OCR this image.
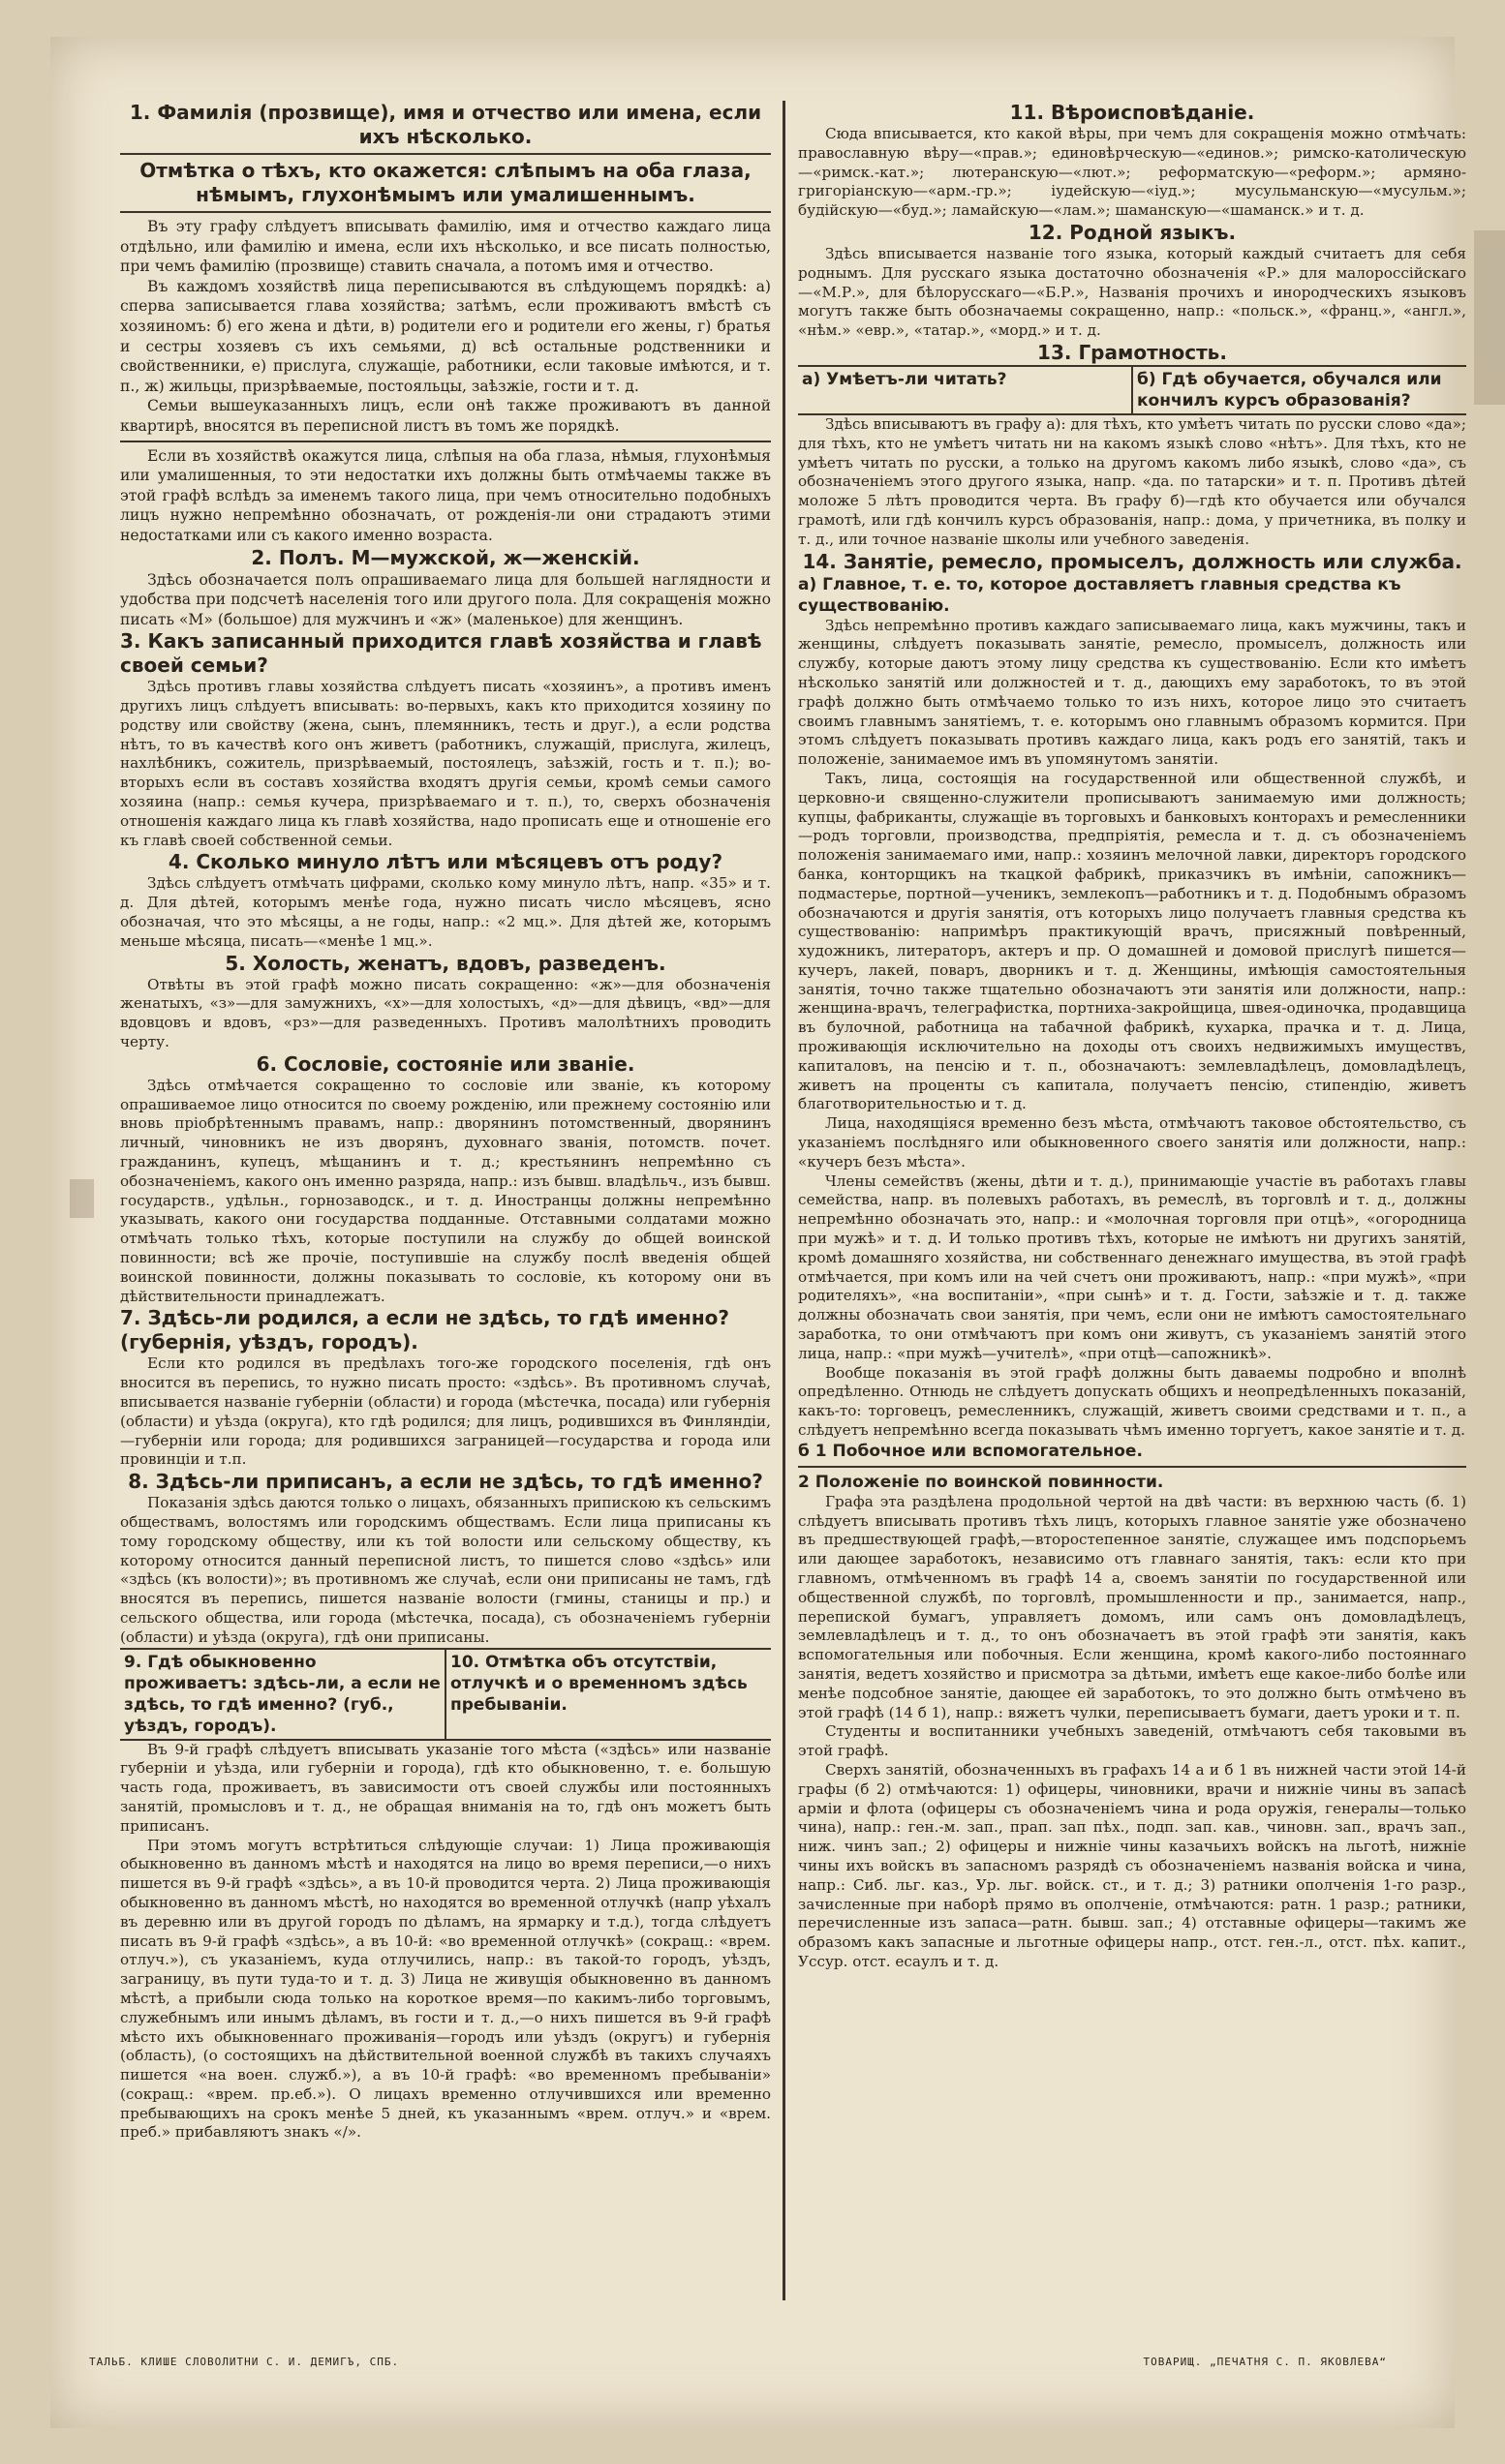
1. Фамилiя (прозвище), имя и отчество или имена, если ихъ нѣсколько.

Отмѣтка о тѣхъ, кто окажется: слѣпымъ на оба глаза, нѣмымъ, глухонѣмымъ или умалишеннымъ.

Въ эту графу слѣдуетъ вписывать фамилiю, имя и отчество каждаго лица отдѣльно, или фамилiю и имена, если ихъ нѣсколько, и все писать полностью, при чемъ фамилiю (прозвище) ставить сначала, а потомъ имя и отчество.

Въ каждомъ хозяйствѣ лица переписываются въ слѣдующемъ порядкѣ: а) сперва записывается глава хозяйства; затѣмъ, если проживаютъ вмѣстѣ съ хозяиномъ: б) его жена и дѣти, в) родители его и родители его жены, г) братья и сестры хозяевъ съ ихъ семьями, д) всѣ остальные родственники и свойственники, е) прислуга, служащiе, работники, если таковые имѣются, и т. п., ж) жильцы, призрѣваемые, постояльцы, заѣзжiе, гости и т. д.

Семьи вышеуказанныхъ лицъ, если онѣ также проживаютъ въ данной квартирѣ, вносятся въ переписной листъ въ томъ же порядкѣ.

Если въ хозяйствѣ окажутся лица, слѣпыя на оба глаза, нѣмыя, глухонѣмыя или умалишенныя, то эти недостатки ихъ должны быть отмѣчаемы также въ этой графѣ вслѣдъ за именемъ такого лица, при чемъ относительно подобныхъ лицъ нужно непремѣнно обозначать, от рожденiя-ли они страдаютъ этими недостатками или съ какого именно возраста.

2. Полъ. М—мужской, ж—женскiй.

Здѣсь обозначается полъ опрашиваемаго лица для большей наглядности и удобства при подсчетѣ населенiя того или другого пола. Для сокращенiя можно писать «М» (большое) для мужчинъ и «ж» (маленькое) для женщинъ.

3. Какъ записанный приходится главѣ хозяйства и главѣ своей семьи?

Здѣсь противъ главы хозяйства слѣдуетъ писать «хозяинъ», а противъ именъ другихъ лицъ слѣдуетъ вписывать: во-первыхъ, какъ кто приходится хозяину по родству или свойству (жена, сынъ, племянникъ, тесть и друг.), а если родства нѣтъ, то въ качествѣ кого онъ живетъ (работникъ, служащiй, прислуга, жилецъ, нахлѣбникъ, сожитель, призрѣваемый, постоялецъ, заѣзжiй, гость и т. п.); во-вторыхъ если въ составъ хозяйства входятъ другiя семьи, кромѣ семьи самого хозяина (напр.: семья кучера, призрѣваемаго и т. п.), то, сверхъ обозначенiя отношенiя каждаго лица къ главѣ хозяйства, надо прописать еще и отношенiе его къ главѣ своей собственной семьи.

4. Сколько минуло лѣтъ или мѣсяцевъ отъ роду?

Здѣсь слѣдуетъ отмѣчать цифрами, сколько кому минуло лѣтъ, напр. «35» и т. д. Для дѣтей, которымъ менѣе года, нужно писать число мѣсяцевъ, ясно обозначая, что это мѣсяцы, а не годы, напр.: «2 мц.». Для дѣтей же, которымъ меньше мѣсяца, писать—«менѣе 1 мц.».

5. Холость, женатъ, вдовъ, разведенъ.

Отвѣты въ этой графѣ можно писать сокращенно: «ж»—для обозначенiя женатыхъ, «з»—для замужнихъ, «х»—для холостыхъ, «д»—для дѣвицъ, «вд»—для вдовцовъ и вдовъ, «рз»—для разведенныхъ. Противъ малолѣтнихъ проводить черту.

6. Сословiе, состоянiе или званiе.

Здѣсь отмѣчается сокращенно то сословiе или званiе, къ которому опрашиваемое лицо относится по своему рожденiю, или прежнему состоянiю или вновь прiобрѣтеннымъ правамъ, напр.: дворянинъ потомственный, дворянинъ личный, чиновникъ не изъ дворянъ, духовнаго званiя, потомств. почет. гражданинъ, купецъ, мѣщанинъ и т. д.; крестьянинъ непремѣнно съ обозначенiемъ, какого онъ именно разряда, напр.: изъ бывш. владѣльч., изъ бывш. государств., удѣльн., горнозаводск., и т. д. Иностранцы должны непремѣнно указывать, какого они государства подданные. Отставными солдатами можно отмѣчать только тѣхъ, которые поступили на службу до общей воинской повинности; всѣ же прочiе, поступившiе на службу послѣ введенiя общей воинской повинности, должны показывать то сословiе, къ которому они въ дѣйствительности принадлежатъ.

7. Здѣсь-ли родился, а если не здѣсь, то гдѣ именно? (губернiя, уѣздъ, городъ).

Если кто родился въ предѣлахъ того-же городского поселенiя, гдѣ онъ вносится въ перепись, то нужно писать просто: «здѣсь». Въ противномъ случаѣ, вписывается названiе губернiи (области) и города (мѣстечка, посада) или губернiя (области) и уѣзда (округа), кто гдѣ родился; для лицъ, родившихся въ Финляндiи,—губернiи или города; для родившихся заграницей—государства и города или провинцiи и т.п.

8. Здѣсь-ли приписанъ, а если не здѣсь, то гдѣ именно?

Показанiя здѣсь даются только о лицахъ, обязанныхъ припискою къ сельскимъ обществамъ, волостямъ или городскимъ обществамъ. Если лица приписаны къ тому городскому обществу, или къ той волости или сельскому обществу, къ которому относится данный переписной листъ, то пишется слово «здѣсь» или «здѣсь (къ волости)»; въ противномъ же случаѣ, если они приписаны не тамъ, гдѣ вносятся въ перепись, пишется названiе волости (гмины, станицы и пр.) и сельского общества, или города (мѣстечка, посада), съ обозначенiемъ губернiи (области) и уѣзда (округа), гдѣ они приписаны.

9. Гдѣ обыкновенно проживаетъ: здѣсь-ли, а если не здѣсь, то гдѣ именно? (губ., уѣздъ, городъ).

10. Отмѣтка объ отсутствiи, отлучкѣ и о временномъ здѣсь пребыванiи.

Въ 9-й графѣ слѣдуетъ вписывать указанiе того мѣста («здѣсь» или названiе губернiи и уѣзда, или губернiи и города), гдѣ кто обыкновенно, т. е. большую часть года, проживаетъ, въ зависимости отъ своей службы или постоянныхъ занятiй, промысловъ и т. д., не обращая вниманiя на то, гдѣ онъ можетъ быть приписанъ.

При этомъ могутъ встрѣтиться слѣдующiе случаи: 1) Лица проживающiя обыкновенно въ данномъ мѣстѣ и находятся на лицо во время переписи,—о нихъ пишется въ 9-й графѣ «здѣсь», а въ 10-й проводится черта. 2) Лица проживающiя обыкновенно въ данномъ мѣстѣ, но находятся во временной отлучкѣ (напр уѣхалъ въ деревню или въ другой городъ по дѣламъ, на ярмарку и т.д.), тогда слѣдуетъ писать въ 9-й графѣ «здѣсь», а въ 10-й: «во временной отлучкѣ» (сокращ.: «врем. отлуч.»), съ указанiемъ, куда отлучились, напр.: въ такой-то городъ, уѣздъ, заграницу, въ пути туда-то и т. д. 3) Лица не живущiя обыкновенно въ данномъ мѣстѣ, а прибыли сюда только на короткое время—по какимъ-либо торговымъ, служебнымъ или инымъ дѣламъ, въ гости и т. д.,—о нихъ пишется въ 9-й графѣ мѣсто ихъ обыкновеннаго проживанiя—городъ или уѣздъ (округъ) и губернiя (область), (о состоящихъ на дѣйствительной военной службѣ въ такихъ случаяхъ пишется «на воен. служб.»), а въ 10-й графѣ: «во временномъ пребыванiи» (сокращ.: «врем. пр.еб.»). О лицахъ временно отлучившихся или временно пребывающихъ на срокъ менѣе 5 дней, къ указаннымъ «врем. отлуч.» и «врем. преб.» прибавляютъ знакъ «/».

11. Вѣроисповѣданiе.

Сюда вписывается, кто какой вѣры, при чемъ для сокращенiя можно отмѣчать: православную вѣру—«прав.»; единовѣрческую—«единов.»; римско-католическую—«римск.-кат.»; лютеранскую—«лют.»; реформатскую—«реформ.»; армяно-григорiанскую—«арм.-гр.»; iудейскую—«iуд.»; мусульманскую—«мусульм.»; будiйскую—«буд.»; ламайскую—«лам.»; шаманскую—«шаманск.» и т. д.

12. Родной языкъ.

Здѣсь вписывается названiе того языка, который каждый считаетъ для себя роднымъ. Для русскаго языка достаточно обозначенiя «Р.» для малороссiйскаго—«М.Р.», для бѣлорусскаго—«Б.Р.», Названiя прочихъ и инородческихъ языковъ могутъ также быть обозначаемы сокращенно, напр.: «польск.», «франц.», «англ.», «нѣм.» «евр.», «татар.», «морд.» и т. д.

13. Грамотность.

а) Умѣетъ-ли читать?	б) Гдѣ обучается, обучался или кончилъ курсъ образованiя?

Здѣсь вписываютъ въ графу а): для тѣхъ, кто умѣетъ читать по русски слово «да»; для тѣхъ, кто не умѣетъ читать ни на какомъ языкѣ слово «нѣтъ». Для тѣхъ, кто не умѣетъ читать по русски, а только на другомъ какомъ либо языкѣ, слово «да», съ обозначенiемъ этого другого языка, напр. «да. по татарски» и т. п. Противъ дѣтей моложе 5 лѣтъ проводится черта. Въ графу б)—гдѣ кто обучается или обучался грамотѣ, или гдѣ кончилъ курсъ образованiя, напр.: дома, у причетника, въ полку и т. д., или точное названiе школы или учебного заведенiя.

14. Занятiе, ремесло, промыселъ, должность или служба.

а) Главное, т. е. то, которое доставляетъ главныя средства къ существованiю.

Здѣсь непремѣнно противъ каждаго записываемаго лица, какъ мужчины, такъ и женщины, слѣдуетъ показывать занятiе, ремесло, промыселъ, должность или службу, которые даютъ этому лицу средства къ существованiю. Если кто имѣетъ нѣсколько занятiй или должностей и т. д., дающихъ ему заработокъ, то въ этой графѣ должно быть отмѣчаемо только то изъ нихъ, которое лицо это считаетъ своимъ главнымъ занятiемъ, т. е. которымъ оно главнымъ образомъ кормится. При этомъ слѣдуетъ показывать противъ каждаго лица, какъ родъ его занятiй, такъ и положенiе, занимаемое имъ въ упомянутомъ занятiи.

Такъ, лица, состоящiя на государственной или общественной службѣ, и церковно-и священно-служители прописываютъ занимаемую ими должность; купцы, фабриканты, служащiе въ торговыхъ и банковыхъ конторахъ и ремесленники—родъ торговли, производства, предпрiятiя, ремесла и т. д. съ обозначенiемъ положенiя занимаемаго ими, напр.: хозяинъ мелочной лавки, директоръ городского банка, конторщикъ на ткацкой фабрикѣ, приказчикъ въ имѣнiи, сапожникъ—подмастерье, портной—ученикъ, землекопъ—работникъ и т. д. Подобнымъ образомъ обозначаются и другiя занятiя, отъ которыхъ лицо получаетъ главныя средства къ существованiю: напримѣръ практикующiй врачъ, присяжный повѣренный, художникъ, литераторъ, актеръ и пр. О домашней и домовой прислугѣ пишется—кучеръ, лакей, поваръ, дворникъ и т. д. Женщины, имѣющiя самостоятельныя занятiя, точно также тщательно обозначаютъ эти занятiя или должности, напр.: женщина-врачъ, телеграфистка, портниха-закройщица, швея-одиночка, продавщица въ булочной, работница на табачной фабрикѣ, кухарка, прачка и т. д. Лица, проживающiя исключительно на доходы отъ своихъ недвижимыхъ имуществъ, капиталовъ, на пенсiю и т. п., обозначаютъ: землевладѣлецъ, домовладѣлецъ, живетъ на проценты съ капитала, получаетъ пенсiю, стипендiю, живетъ благотворительностью и т. д.

Лица, находящiяся временно безъ мѣста, отмѣчаютъ таковое обстоятельство, съ указанiемъ послѣдняго или обыкновенного своего занятiя или должности, напр.: «кучеръ безъ мѣста».

Члены семействъ (жены, дѣти и т. д.), принимающiе участiе въ работахъ главы семейства, напр. въ полевыхъ работахъ, въ ремеслѣ, въ торговлѣ и т. д., должны непремѣнно обозначать это, напр.: и «молочная торговля при отцѣ», «огородница при мужѣ» и т. д. И только противъ тѣхъ, которые не имѣютъ ни другихъ занятiй, кромѣ домашняго хозяйства, ни собственнаго денежнаго имущества, въ этой графѣ отмѣчается, при комъ или на чей счетъ они проживаютъ, напр.: «при мужѣ», «при родителяхъ», «на воспитанiи», «при сынѣ» и т. д. Гости, заѣзжiе и т. д. также должны обозначать свои занятiя, при чемъ, если они не имѣютъ самостоятельнаго заработка, то они отмѣчаютъ при комъ они живутъ, съ указанiемъ занятiй этого лица, напр.: «при мужѣ—учителѣ», «при отцѣ—сапожникѣ».

Вообще показанiя въ этой графѣ должны быть даваемы подробно и вполнѣ опредѣленно. Отнюдь не слѣдуетъ допускать общихъ и неопредѣленныхъ показанiй, какъ-то: торговецъ, ремесленникъ, служащiй, живетъ своими средствами и т. п., а слѣдуетъ непремѣнно всегда показывать чѣмъ именно торгуетъ, какое занятiе и т. д.

б 1 Побочное или вспомогательное.

2 Положенiе по воинской повинности.

Графа эта раздѣлена продольной чертой на двѣ части: въ верхнюю часть (б. 1) слѣдуетъ вписывать противъ тѣхъ лицъ, которыхъ главное занятiе уже обозначено въ предшествующей графѣ,—второстепенное занятiе, служащее имъ подспорьемъ или дающее заработокъ, независимо отъ главнаго занятiя, такъ: если кто при главномъ, отмѣченномъ въ графѣ 14 а, своемъ занятiи по государственной или общественной службѣ, по торговлѣ, промышленности и пр., занимается, напр., перепиской бумагъ, управляетъ домомъ, или самъ онъ домовладѣлецъ, землевладѣлецъ и т. д., то онъ обозначаетъ въ этой графѣ эти занятiя, какъ вспомогательныя или побочныя. Если женщина, кромѣ какого-либо постояннаго занятiя, ведетъ хозяйство и присмотра за дѣтьми, имѣетъ еще какое-либо болѣе или менѣе подсобное занятiе, дающее ей заработокъ, то это должно быть отмѣчено въ этой графѣ (14 б 1), напр.: вяжетъ чулки, переписываетъ бумаги, даетъ уроки и т. п.

Студенты и воспитанники учебныхъ заведенiй, отмѣчаютъ себя таковыми въ этой графѣ.

Сверхъ занятiй, обозначенныхъ въ графахъ 14 а и б 1 въ нижней части этой 14-й графы (б 2) отмѣчаются: 1) офицеры, чиновники, врачи и нижнiе чины въ запасѣ армiи и флота (офицеры съ обозначенiемъ чина и рода оружiя, генералы—только чина), напр.: ген.-м. зап., прап. зап пѣх., подп. зап. кав., чиновн. зап., врачъ зап., ниж. чинъ зап.; 2) офицеры и нижнiе чины казачьихъ войскъ на льготѣ, нижнiе чины ихъ войскъ въ запасномъ разрядѣ съ обозначенiемъ названiя войска и чина, напр.: Сиб. льг. каз., Ур. льг. войск. ст., и т. д.; 3) ратники ополченiя 1-го разр., зачисленные при наборѣ прямо въ ополченiе, отмѣчаются: ратн. 1 разр.; ратники, перечисленные изъ запаса—ратн. бывш. зап.; 4) отставные офицеры—такимъ же образомъ какъ запасные и льготные офицеры напр., отст. ген.-л., отст. пѣх. капит., Уссур. отст. есаулъ и т. д.

ТАЛЬБ. КЛИШЕ СЛОВОЛИТНИ С. И. ДЕМИГЪ, СПБ.	ТОВАРИЩ. „ПЕЧАТНЯ С. П. ЯКОВЛЕВА“
